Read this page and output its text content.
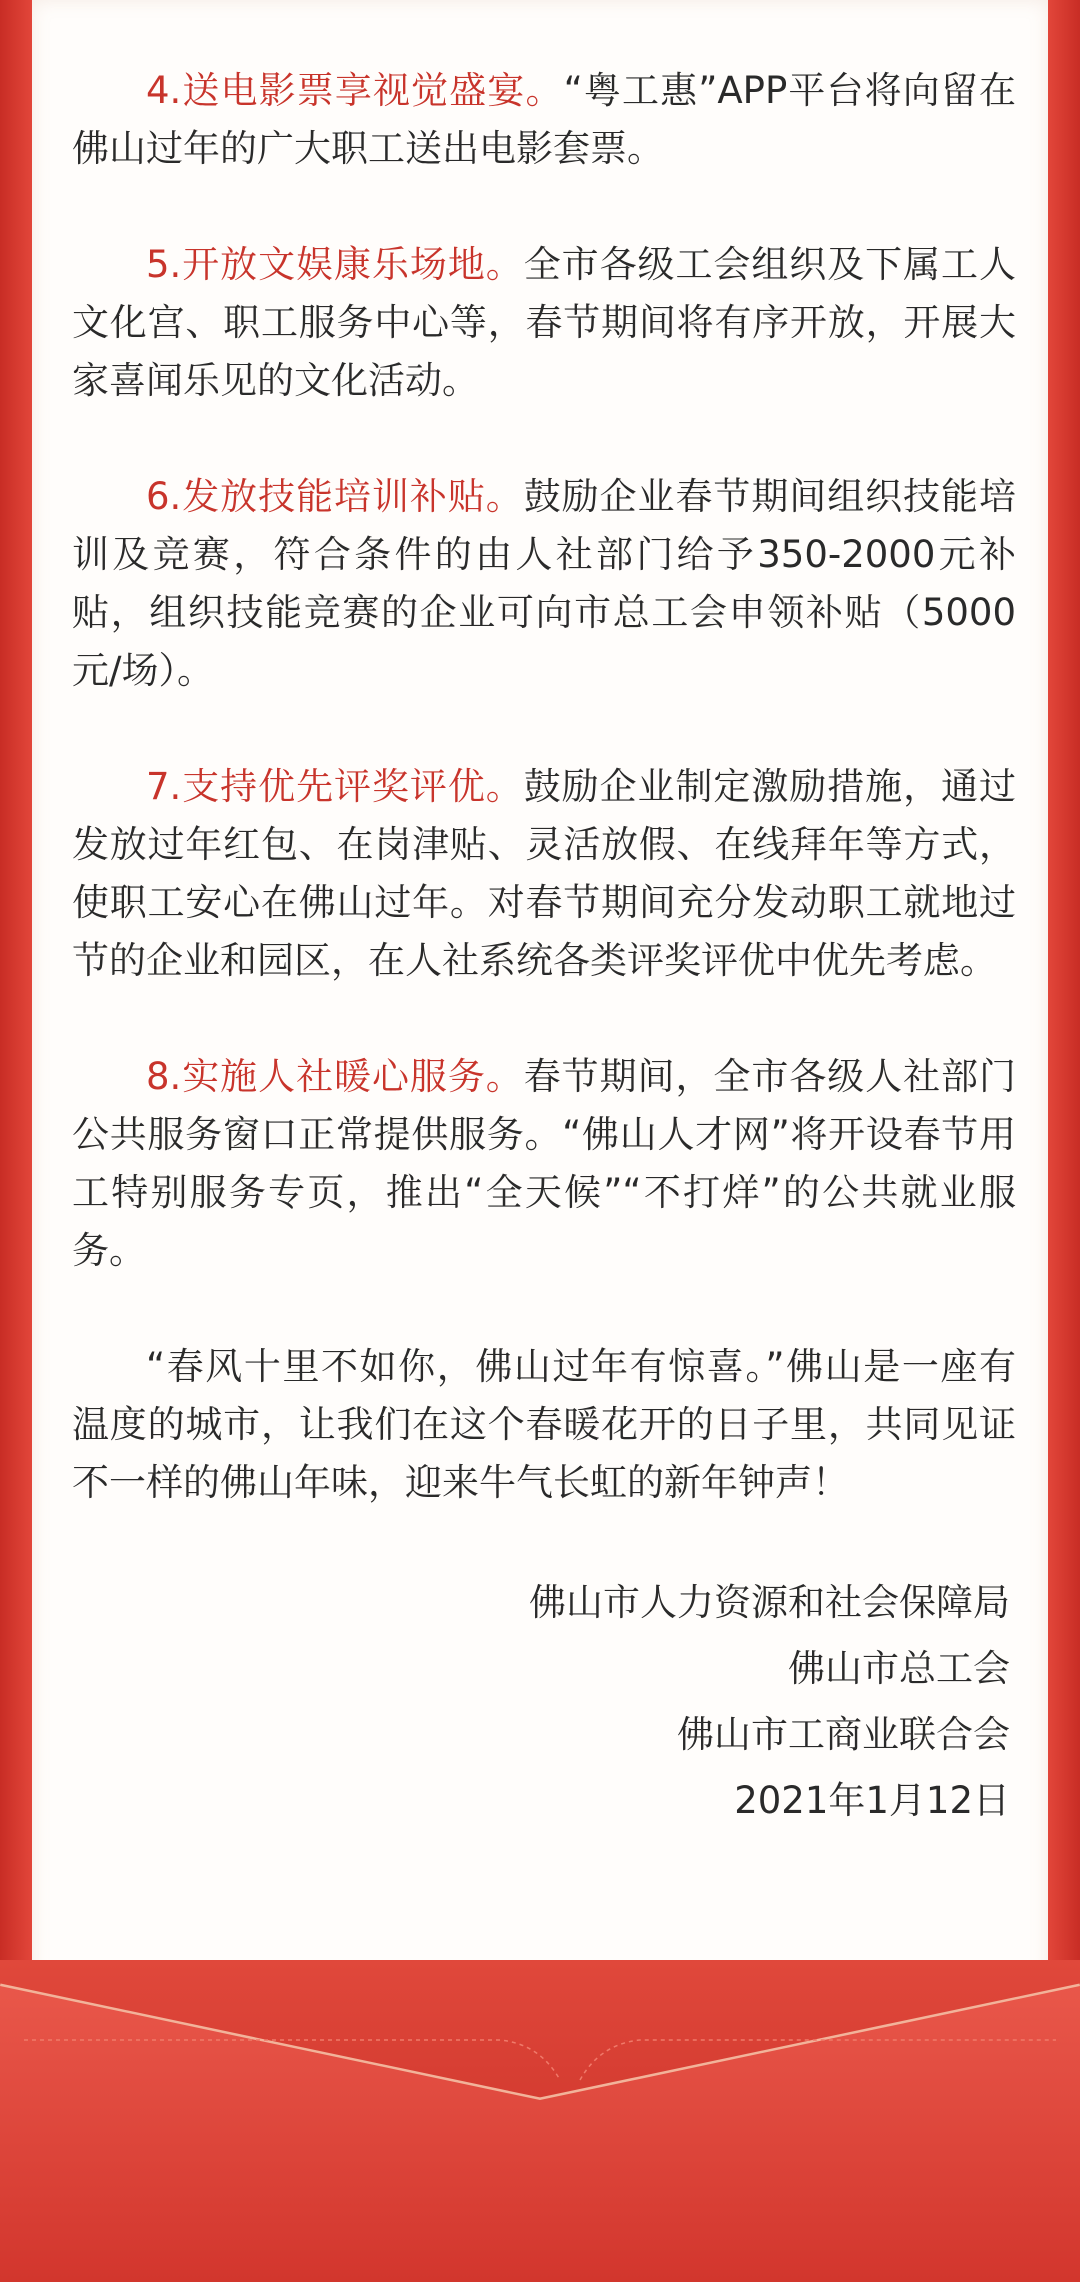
4.送电影票享视觉盛宴。“粤工惠”APP平台将向留在佛山过年的广大职工送出电影套票。

5.开放文娱康乐场地。全市各级工会组织及下属工人文化宫、职工服务中心等，春节期间将有序开放，开展大家喜闻乐见的文化活动。

6.发放技能培训补贴。鼓励企业春节期间组织技能培训及竞赛，符合条件的由人社部门给予350-2000元补贴，组织技能竞赛的企业可向市总工会申领补贴（5000元/场）。

7.支持优先评奖评优。鼓励企业制定激励措施，通过发放过年红包、在岗津贴、灵活放假、在线拜年等方式，使职工安心在佛山过年。对春节期间充分发动职工就地过节的企业和园区，在人社系统各类评奖评优中优先考虑。

8.实施人社暖心服务。春节期间，全市各级人社部门公共服务窗口正常提供服务。“佛山人才网”将开设春节用工特别服务专页，推出“全天候”“不打烊”的公共就业服务。

“春风十里不如你，佛山过年有惊喜。”佛山是一座有温度的城市，让我们在这个春暖花开的日子里，共同见证不一样的佛山年味，迎来牛气长虹的新年钟声！

佛山市人力资源和社会保障局
佛山市总工会
佛山市工商业联合会
2021年1月12日
